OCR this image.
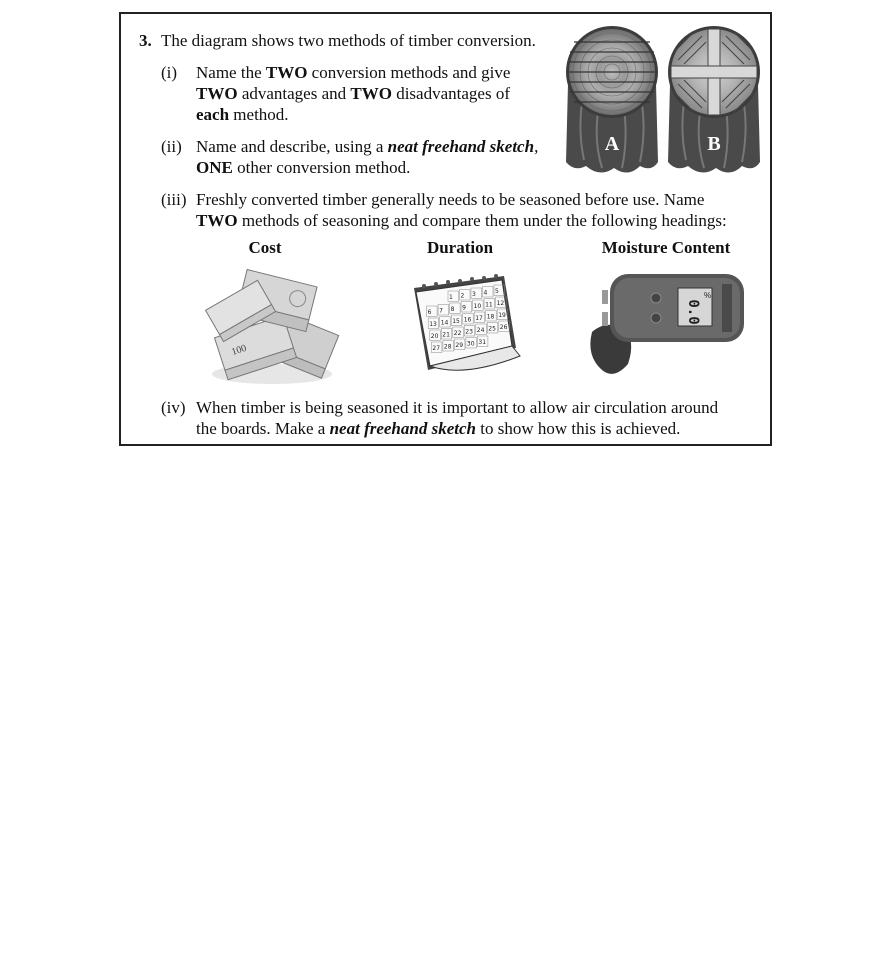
3. The diagram shows two methods of timber conversion.
(i) Name the TWO conversion methods and give
TWO advantages and TWO disadvantages of
each method.
(ii) Name and describe, using a neat freehand sketch,
ONE other conversion method.
(iii) Freshly converted timber generally needs to be seasoned before use. Name
TWO methods of seasoning and compare them under the following headings:
Cost	Duration	Moisture Content
(iv) When timber is being seasoned it is important to allow air circulation around
the boards. Make a neat freehand sketch to show how this is achieved.
A	B
100
1 2 3 4 5
6 7 8 9 10 11 12
13 14 15 16 17 18 19
20 21 22 23 24 25 26
27 28 29 30 31
0.0
%
